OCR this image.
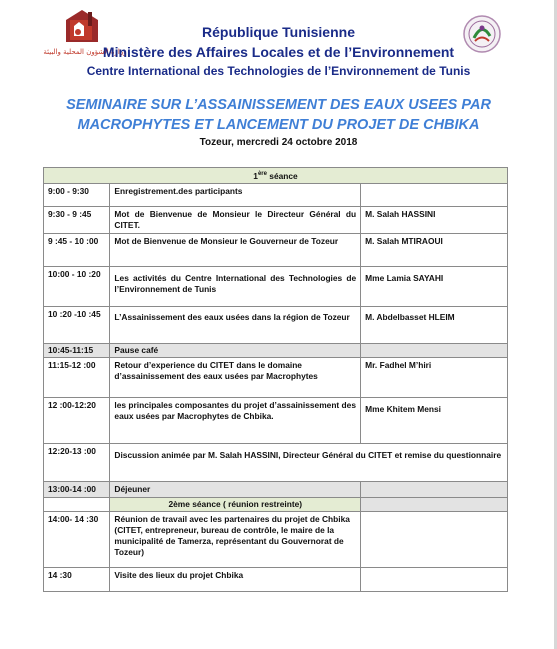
وزارة الشؤون المحلية والبيئة
République Tunisienne
Ministère des Affaires Locales et de l’Environnement
Centre International des Technologies de l’Environnement de Tunis
SEMINAIRE SUR L’ASSAINISSEMENT DES EAUX USEES PAR
MACROPHYTES ET LANCEMENT DU PROJET DE CHBIKA
Tozeur, mercredi 24 octobre 2018
1ère séance		
9:00 - 9:30	Enregistrement.des participants	
9:30 - 9 :45	Mot de Bienvenue de Monsieur le Directeur Général du CITET.	M. Salah HASSINI
9 :45 - 10 :00	Mot de Bienvenue de Monsieur le Gouverneur de Tozeur	M. Salah MTIRAOUI
10:00 - 10 :20	Les activités du Centre International des Technologies de l’Environnement de Tunis	Mme Lamia SAYAHI
10 :20 -10 :45	L’Assainissement des eaux usées dans la région de Tozeur	M. Abdelbasset HLEIM
10:45-11:15	Pause café	
11:15-12 :00	Retour d’experience du CITET dans le domaine d’assainissement des eaux usées par Macrophytes	Mr. Fadhel M’hiri
12 :00-12:20	les principales composantes du projet d’assainissement des eaux usées par Macrophytes de Chbika.	Mme Khitem Mensi
12:20-13 :00	Discussion animée par M. Salah HASSINI, Directeur Général du CITET et remise du questionnaire	
13:00-14 :00	Déjeuner	
	2ème séance ( réunion restreinte)	
14:00- 14 :30	Réunion de travail avec les partenaires du projet de Chbika (CITET, entrepreneur, bureau de contrôle, le maire de la municipalité de Tamerza, représentant du Gouvernorat de Tozeur)	
14 :30	Visite des lieux du projet Chbika	
